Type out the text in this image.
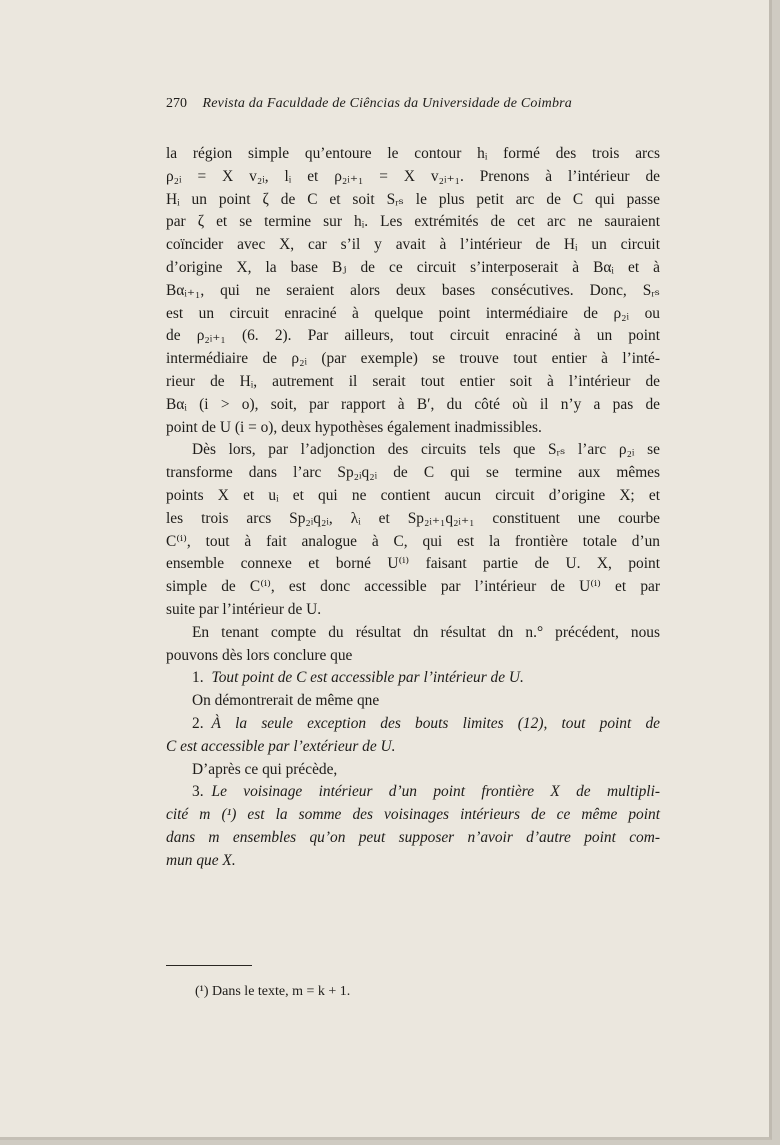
270 Revista da Faculdade de Ciências da Universidade de Coimbra

la région simple qu’entoure le contour hᵢ formé des trois arcs
ρ₂ᵢ = X v₂ᵢ, lᵢ et ρ₂ᵢ₊₁ = X v₂ᵢ₊₁. Prenons à l’intérieur de
Hᵢ un point ζ de C et soit Sᵣₛ le plus petit arc de C qui passe
par ζ et se termine sur hᵢ. Les extrémités de cet arc ne sauraient
coïncider avec X, car s’il y avait à l’intérieur de Hᵢ un circuit
d’origine X, la base Bⱼ de ce circuit s’interposerait à Bαᵢ et à
Bαᵢ₊₁, qui ne seraient alors deux bases consécutives. Donc, Sᵣₛ
est un circuit enraciné à quelque point intermédiaire de ρ₂ᵢ ou
de ρ₂ᵢ₊₁ (6. 2). Par ailleurs, tout circuit enraciné à un point
intermédiaire de ρ₂ᵢ (par exemple) se trouve tout entier à l’inté-
rieur de Hᵢ, autrement il serait tout entier soit à l’intérieur de
Bαᵢ (i > o), soit, par rapport à B′, du côté où il n’y a pas de
point de U (i = o), deux hypothèses également inadmissibles.

Dès lors, par l’adjonction des circuits tels que Sᵣₛ l’arc ρ₂ᵢ se
transforme dans l’arc Sp₂ᵢq₂ᵢ de C qui se termine aux mêmes
points X et uᵢ et qui ne contient aucun circuit d’origine X; et
les trois arcs Sp₂ᵢq₂ᵢ, λᵢ et Sp₂ᵢ₊₁q₂ᵢ₊₁ constituent une courbe
C⁽ⁱ⁾, tout à fait analogue à C, qui est la frontière totale d’un
ensemble connexe et borné U⁽ⁱ⁾ faisant partie de U. X, point
simple de C⁽ⁱ⁾, est donc accessible par l’intérieur de U⁽ⁱ⁾ et par
suite par l’intérieur de U.

En tenant compte du résultat dn résultat dn n.° précédent, nous
pouvons dès lors conclure que

1. Tout point de C est accessible par l’intérieur de U.

On démontrerait de même qne

2. À la seule exception des bouts limites (12), tout point de
C est accessible par l’extérieur de U.

D’après ce qui précède,

3. Le voisinage intérieur d’un point frontière X de multipli-
cité m (¹) est la somme des voisinages intérieurs de ce même point
dans m ensembles qu’on peut supposer n’avoir d’autre point com-
mun que X.

(¹) Dans le texte, m = k + 1.
